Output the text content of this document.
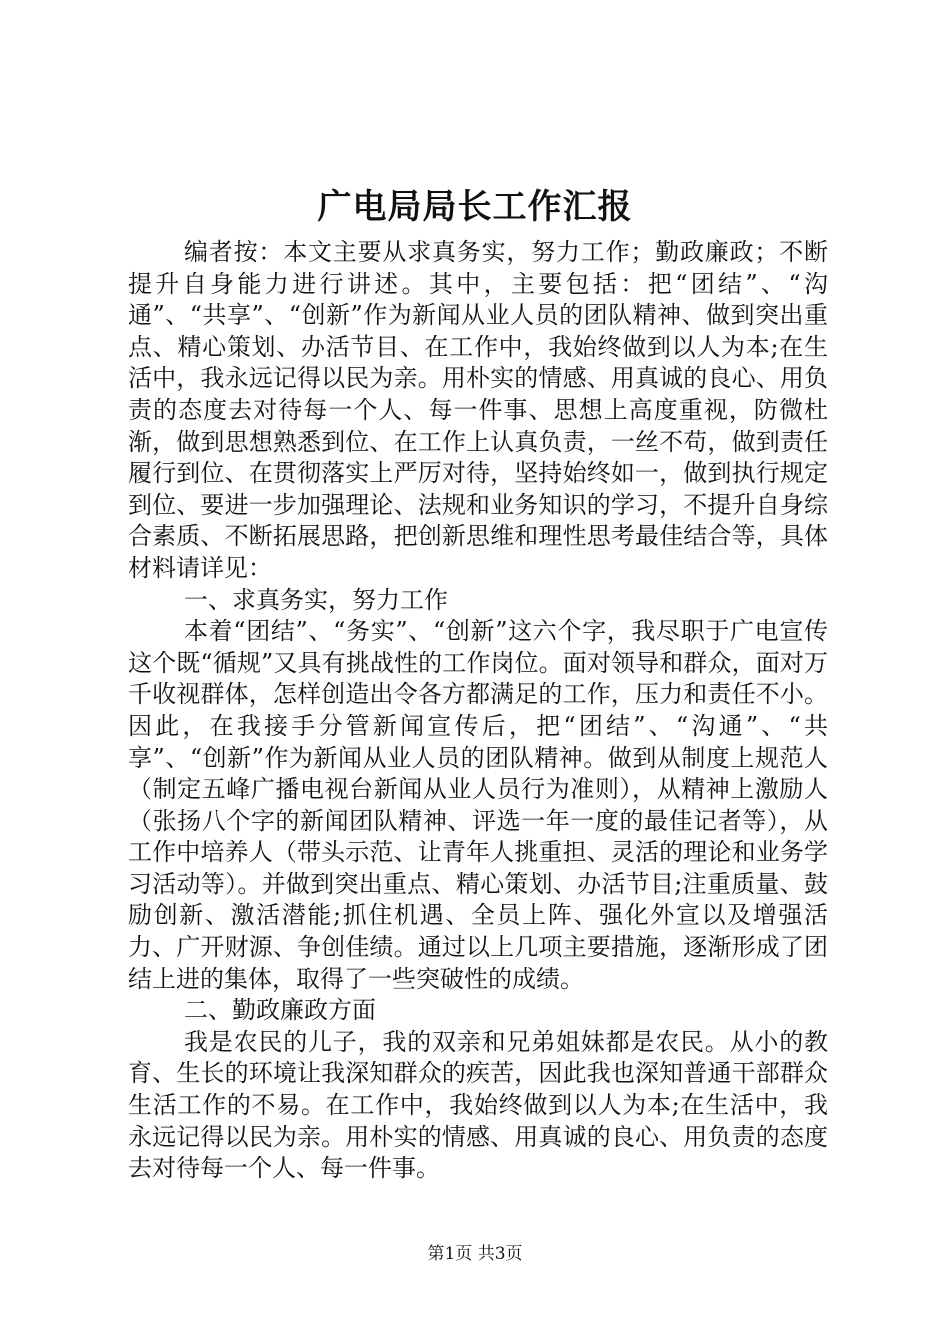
广电局局长工作汇报

编者按：本文主要从求真务实，努力工作；勤政廉政；不断提升自身能力进行讲述。其中，主要包括：把“团结”、“沟通”、“共享”、“创新”作为新闻从业人员的团队精神、做到突出重点、精心策划、办活节目、在工作中，我始终做到以人为本;在生活中，我永远记得以民为亲。用朴实的情感、用真诚的良心、用负责的态度去对待每一个人、每一件事、思想上高度重视，防微杜渐，做到思想熟悉到位、在工作上认真负责，一丝不苟，做到责任履行到位、在贯彻落实上严厉对待，坚持始终如一，做到执行规定到位、要进一步加强理论、法规和业务知识的学习，不提升自身综合素质、不断拓展思路，把创新思维和理性思考最佳结合等，具体材料请详见：

一、求真务实，努力工作

本着“团结”、“务实”、“创新”这六个字，我尽职于广电宣传这个既“循规”又具有挑战性的工作岗位。面对领导和群众，面对万千收视群体，怎样创造出令各方都满足的工作，压力和责任不小。因此，在我接手分管新闻宣传后，把“团结”、“沟通”、“共享”、“创新”作为新闻从业人员的团队精神。做到从制度上规范人（制定五峰广播电视台新闻从业人员行为准则），从精神上激励人（张扬八个字的新闻团队精神、评选一年一度的最佳记者等），从工作中培养人（带头示范、让青年人挑重担、灵活的理论和业务学习活动等）。并做到突出重点、精心策划、办活节目;注重质量、鼓励创新、激活潜能;抓住机遇、全员上阵、强化外宣以及增强活力、广开财源、争创佳绩。通过以上几项主要措施，逐渐形成了团结上进的集体，取得了一些突破性的成绩。

二、勤政廉政方面

我是农民的儿子，我的双亲和兄弟姐妹都是农民。从小的教育、生长的环境让我深知群众的疾苦，因此我也深知普通干部群众生活工作的不易。在工作中，我始终做到以人为本;在生活中，我永远记得以民为亲。用朴实的情感、用真诚的良心、用负责的态度去对待每一个人、每一件事。

第1页 共3页
